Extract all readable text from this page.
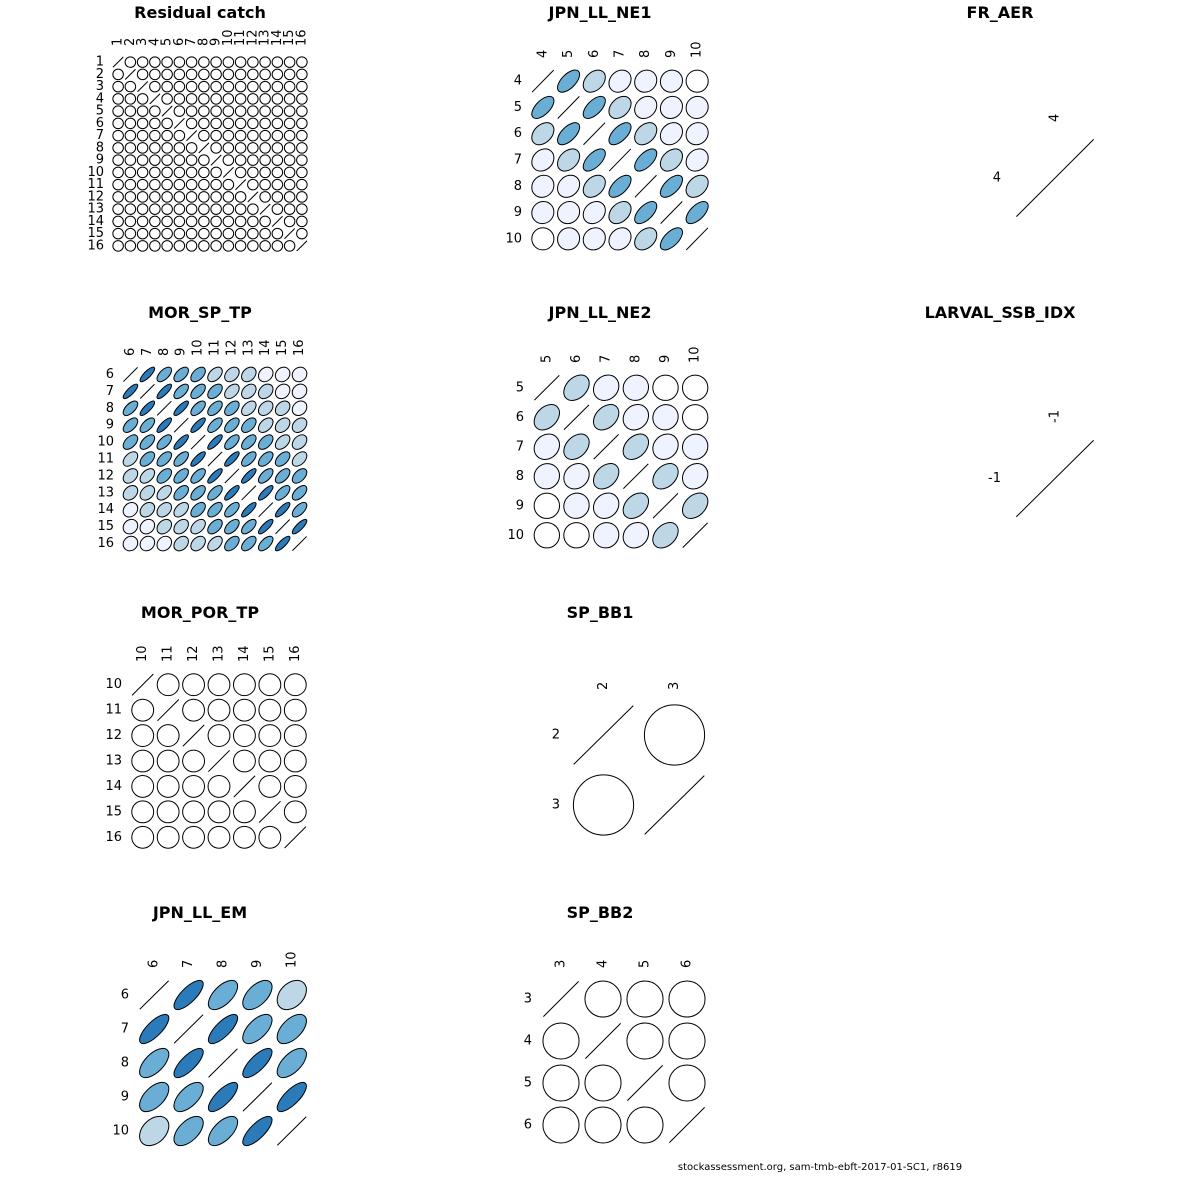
Residual catch
1
1
2
2
3
3
4
4
5
5
6
6
7
7
8
8
9
9
10
10
11
11
12
12
13
13
14
14
15
15
16
16
JPN_LL_NE1
4
4
5
5
6
6
7
7
8
8
9
9
10
10
FR_AER
4
4
MOR_SP_TP
6
6
7
7
8
8
9
9
10
10
11
11
12
12
13
13
14
14
15
15
16
16
JPN_LL_NE2
5
5
6
6
7
7
8
8
9
9
10
10
LARVAL_SSB_IDX
-1
-1
MOR_POR_TP
10
10
11
11
12
12
13
13
14
14
15
15
16
16
SP_BB1
2
2
3
3
JPN_LL_EM
6
6
7
7
8
8
9
9
10
10
SP_BB2
3
3
4
4
5
5
6
6
stockassessment.org, sam-tmb-ebft-2017-01-SC1, r8619
